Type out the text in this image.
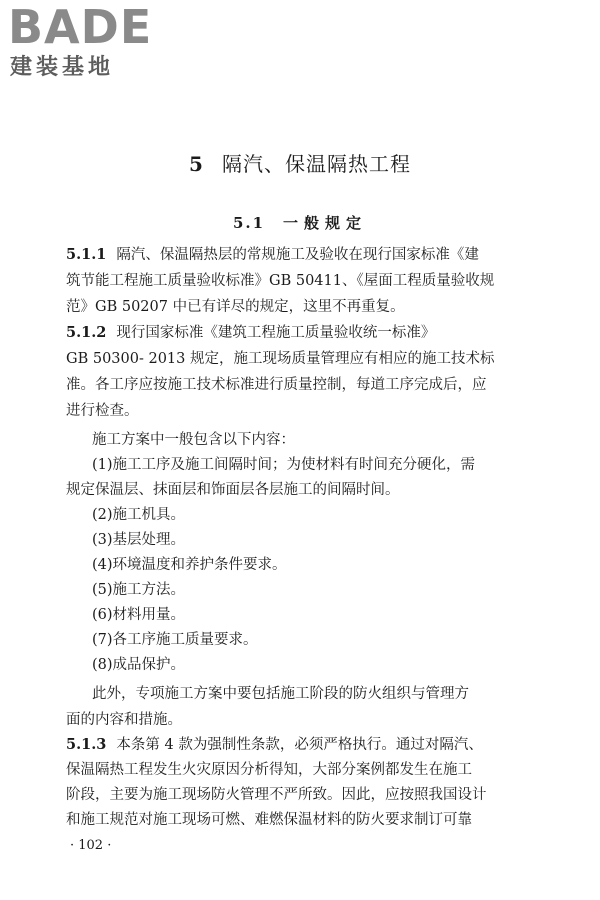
BADE
建装基地
5 隔汽、保温隔热工程
5.1 一般规定
5.1.1 隔汽、保温隔热层的常规施工及验收在现行国家标准《建
筑节能工程施工质量验收标准》GB 50411、《屋面工程质量验收规
范》GB 50207 中已有详尽的规定，这里不再重复。
5.1.2 现行国家标准《建筑工程施工质量验收统一标准》
GB 50300- 2013 规定，施工现场质量管理应有相应的施工技术标
准。各工序应按施工技术标准进行质量控制，每道工序完成后，应
进行检查。
施工方案中一般包含以下内容：
(1)施工工序及施工间隔时间；为使材料有时间充分硬化，需
规定保温层、抹面层和饰面层各层施工的间隔时间。
(2)施工机具。
(3)基层处理。
(4)环境温度和养护条件要求。
(5)施工方法。
(6)材料用量。
(7)各工序施工质量要求。
(8)成品保护。
此外，专项施工方案中要包括施工阶段的防火组织与管理方
面的内容和措施。
5.1.3 本条第 4 款为强制性条款，必须严格执行。通过对隔汽、
保温隔热工程发生火灾原因分析得知，大部分案例都发生在施工
阶段，主要为施工现场防火管理不严所致。因此，应按照我国设计
和施工规范对施工现场可燃、难燃保温材料的防火要求制订可靠
· 102 ·
